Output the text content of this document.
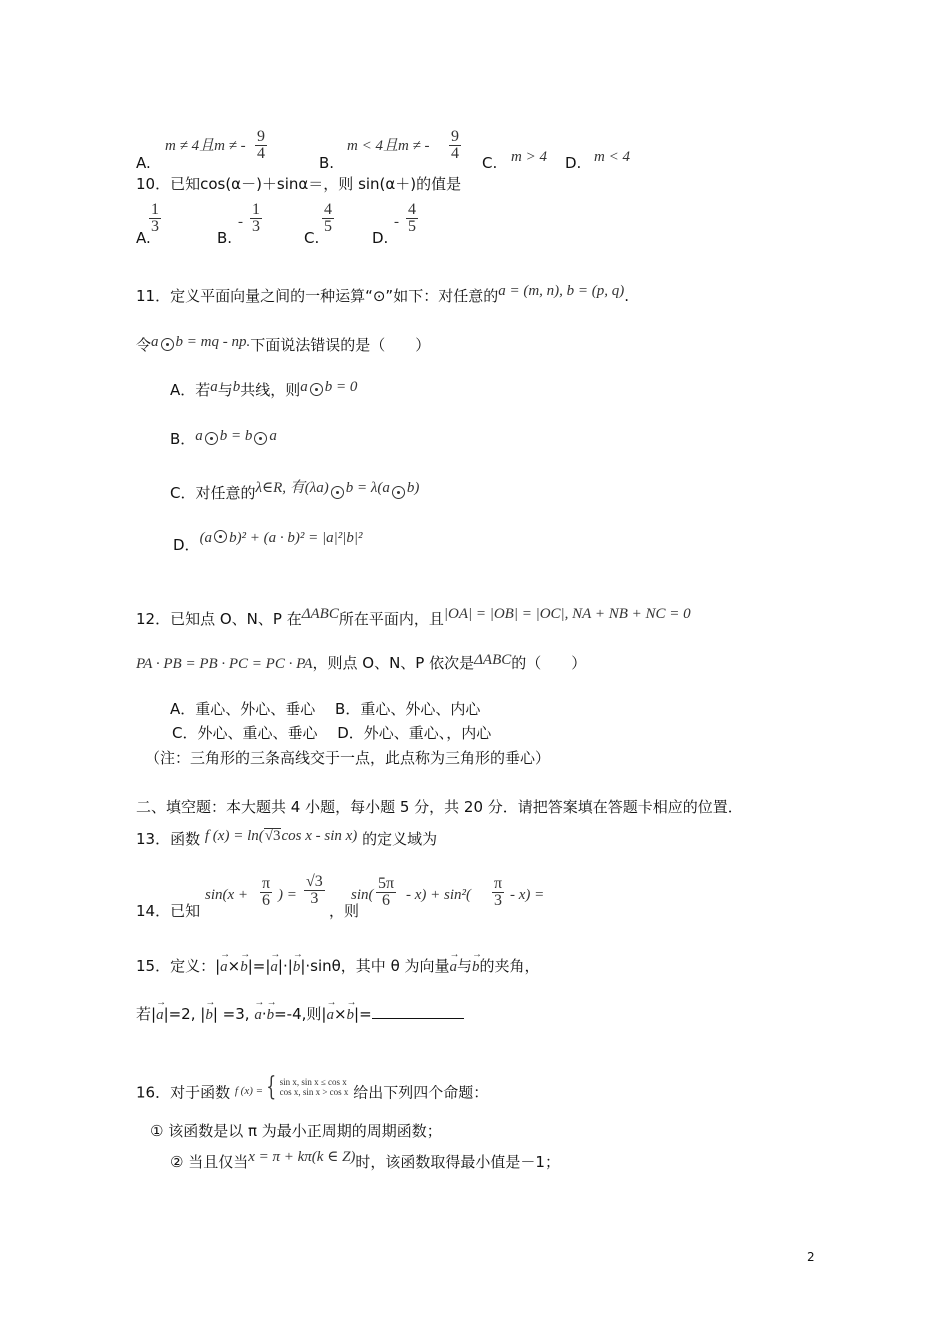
A.
m ≠ 4且m ≠ - $\frac{9}{4}$
B.
m < 4且m ≠ - $\frac{9}{4}$
C. m > 4 D. m < 4
10．已知cos(α－)＋sinα＝，则 sin(α＋)的值是
A.
$\frac{1}{3}$
B.
- $\frac{1}{3}$
C.
$\frac{4}{5}$
D.
- $\frac{4}{5}$
11．定义平面向量之间的一种运算“⊙”如下：对任意的a = (m, n), b = (p, q).
令a b = mq - np.下面说法错误的是（　　）
A．若a与b共线，则a b = 0
B．a b = b a
C．对任意的λ∈R, 有(λa) b = λ(a b)
D．(a b)² + (a · b)² = |a|²|b|²
12．已知点 O、N、P 在ΔABC所在平面内，且|OA| = |OB| = |OC|, NA + NB + NC = 0
PA · PB = PB · PC = PC · PA，则点 O、N、P 依次是ΔABC的（　　）
A．重心、外心、垂心　 B．重心、外心、内心
C．外心、重心、垂心　 D．外心、重心、，内心
（注：三角形的三条高线交于一点，此点称为三角形的垂心）
二、填空题：本大题共 4 小题，每小题 5 分，共 20 分．请把答案填在答题卡相应的位置．
13．函数 f (x) = ln(√3cos x - sin x) 的定义域为
14．已知
$\sin(x + \frac{\pi}{6}$ ) = $\frac{√3}{3}$
，则
$\sin( \frac{5\pi}{6} - x) + \sin^2( \frac{\pi}{3} - x)$ =
15．定义：|→ a×→ b|=|→ a|·|→ b|·sinθ，其中 θ 为向量→ a与→ b的夹角，
若|→ a|=2, |→ b| =3, → a·→ b=-4,则|→ a×→ b|=
16．对于函数 $^{f (x) =}$ { sin x, sin x ≤ cos x
cos x, sin x > cos x 给出下列四个命题：
① 该函数是以 π 为最小正周期的周期函数；
② 当且仅当x = π + kπ(k ∈ Z)时，该函数取得最小值是－1；
2
